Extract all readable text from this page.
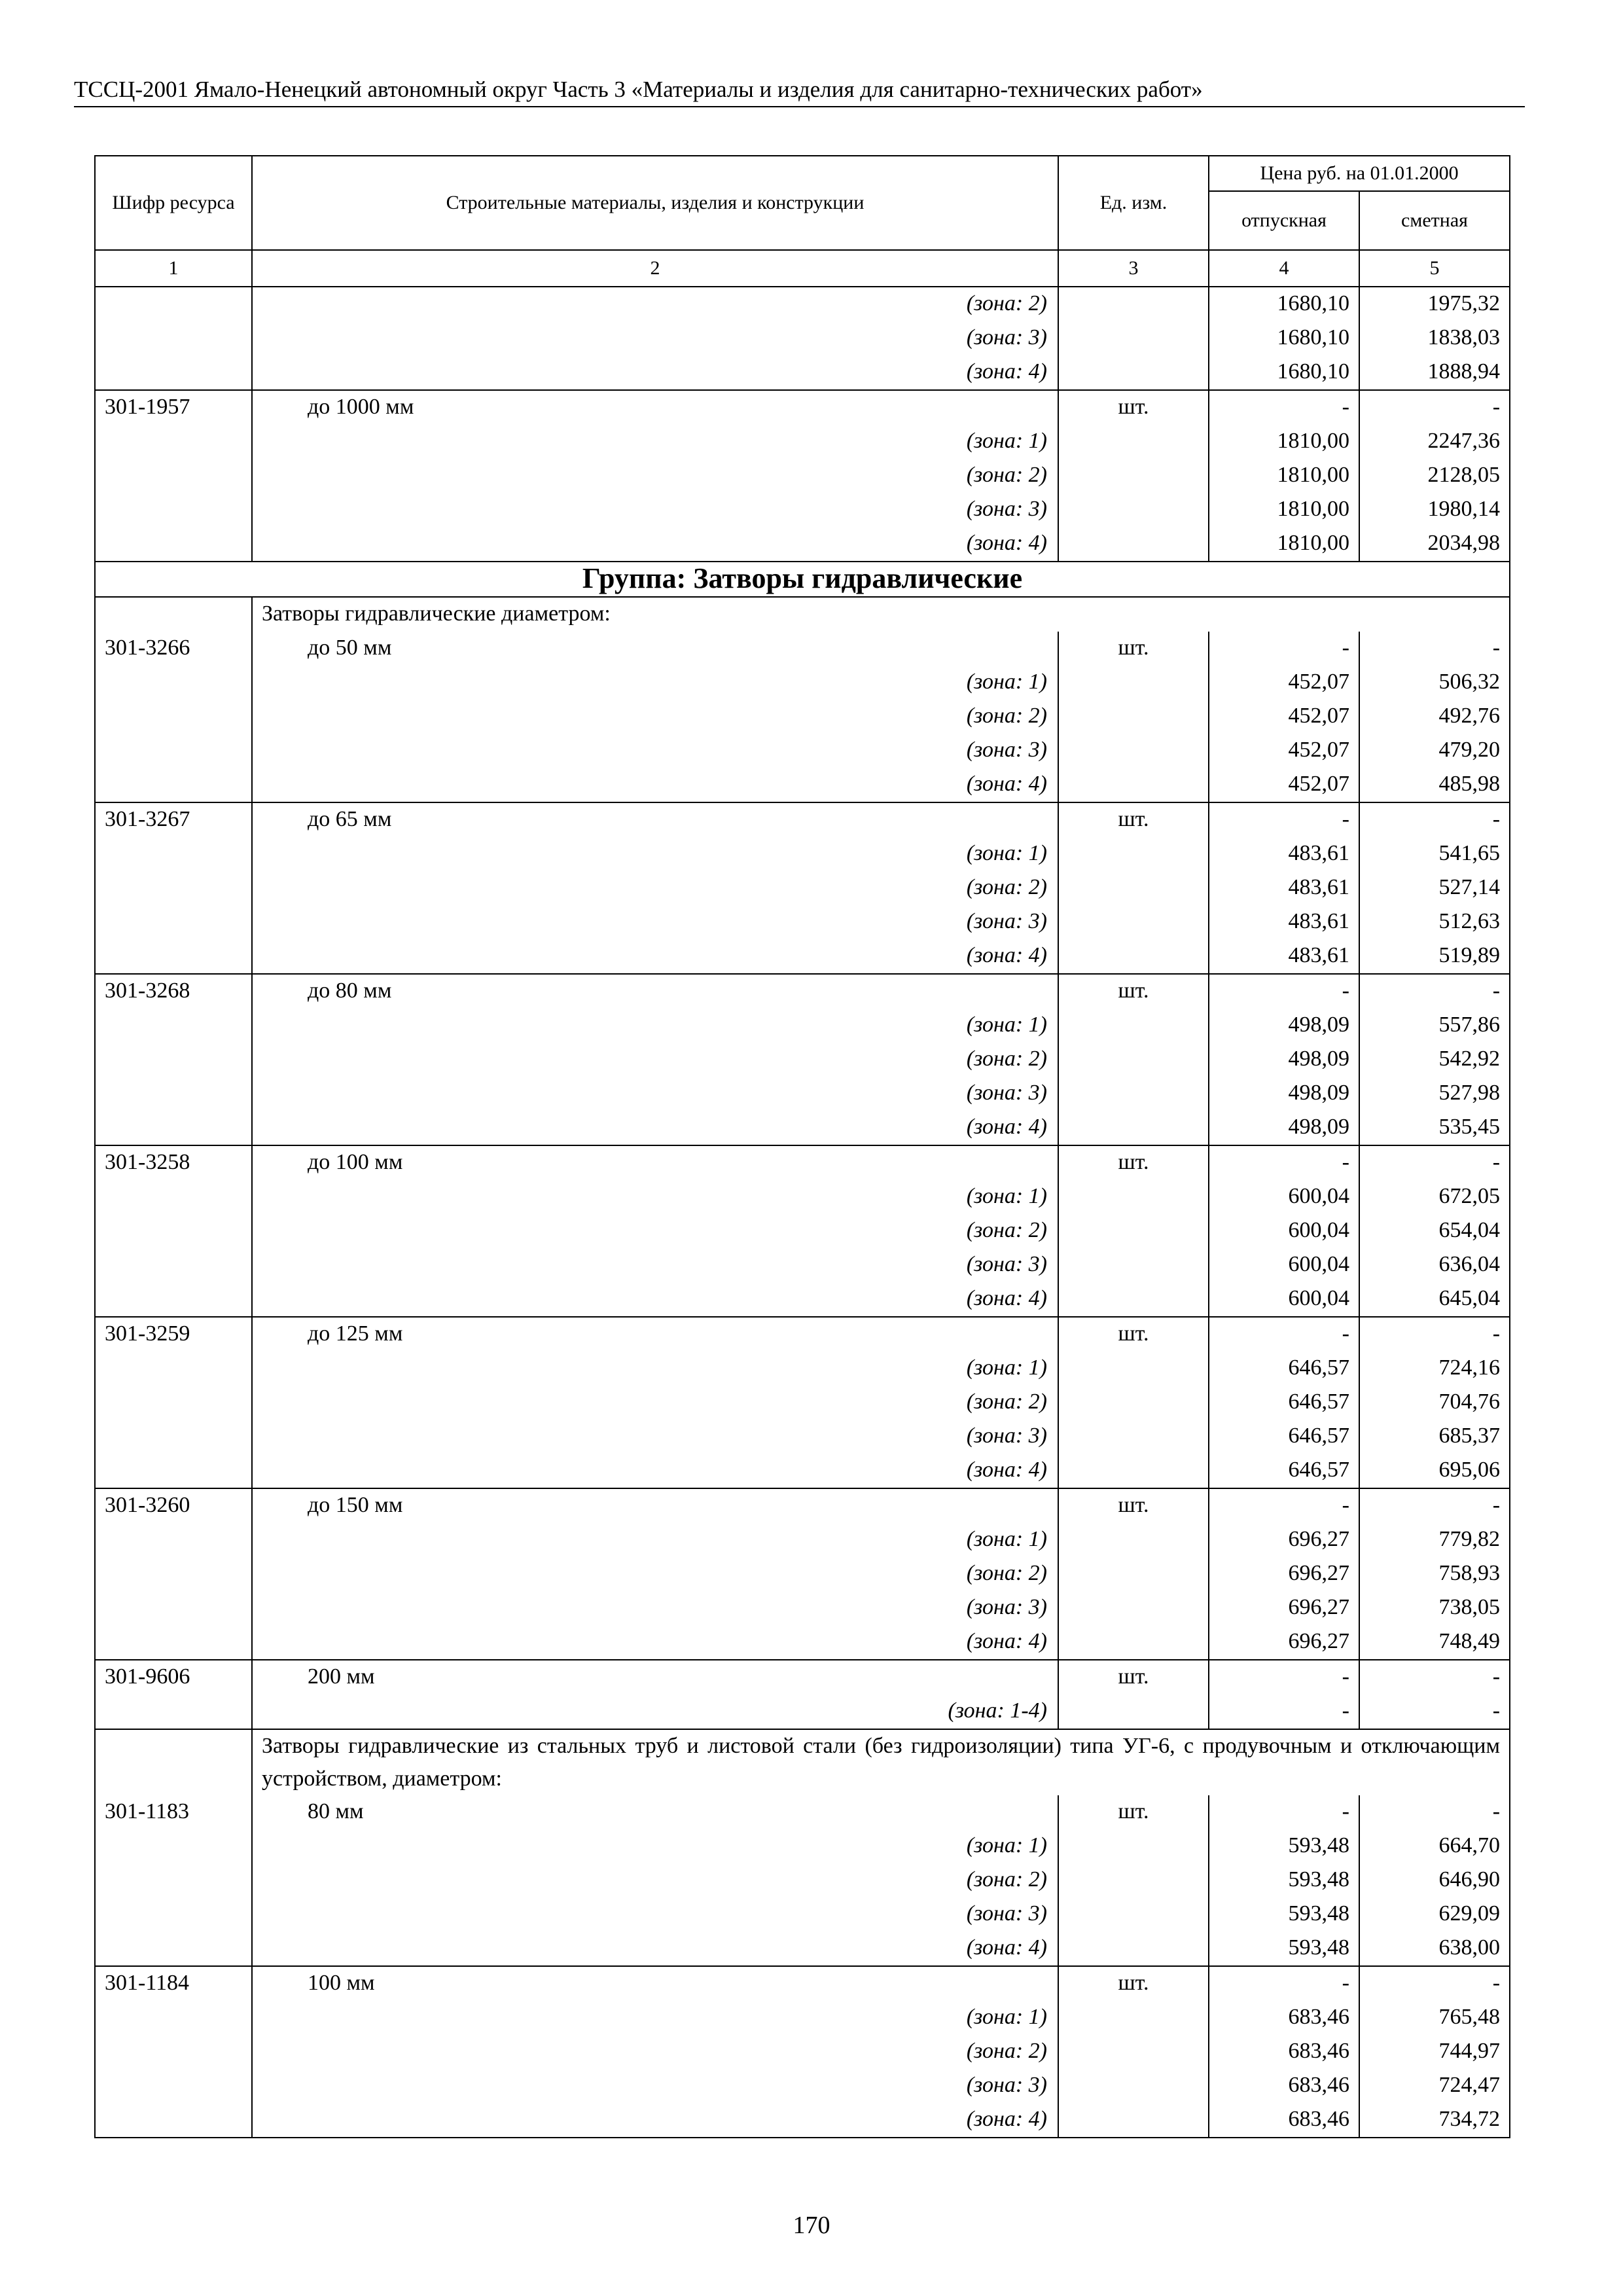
ТССЦ-2001 Ямало-Ненецкий автономный округ Часть 3 «Материалы и изделия для санитарно-технических работ»
Шифр ресурса	Строительные материалы, изделия и конструкции	Ед. изм.	Цена руб. на 01.01.2000	
			отпускная	сметная
1	2	3	4	5
	(зона: 2)		1680,10	1975,32
	(зона: 3)		1680,10	1838,03
	(зона: 4)		1680,10	1888,94
301-1957	до 1000 мм	шт.	-	-
	(зона: 1)		1810,00	2247,36
	(зона: 2)		1810,00	2128,05
	(зона: 3)		1810,00	1980,14
	(зона: 4)		1810,00	2034,98
Группа: Затворы гидравлические				
	Затворы гидравлические диаметром:			
301-3266	до 50 мм	шт.	-	-
	(зона: 1)		452,07	506,32
	(зона: 2)		452,07	492,76
	(зона: 3)		452,07	479,20
	(зона: 4)		452,07	485,98
301-3267	до 65 мм	шт.	-	-
	(зона: 1)		483,61	541,65
	(зона: 2)		483,61	527,14
	(зона: 3)		483,61	512,63
	(зона: 4)		483,61	519,89
301-3268	до 80 мм	шт.	-	-
	(зона: 1)		498,09	557,86
	(зона: 2)		498,09	542,92
	(зона: 3)		498,09	527,98
	(зона: 4)		498,09	535,45
301-3258	до 100 мм	шт.	-	-
	(зона: 1)		600,04	672,05
	(зона: 2)		600,04	654,04
	(зона: 3)		600,04	636,04
	(зона: 4)		600,04	645,04
301-3259	до 125 мм	шт.	-	-
	(зона: 1)		646,57	724,16
	(зона: 2)		646,57	704,76
	(зона: 3)		646,57	685,37
	(зона: 4)		646,57	695,06
301-3260	до 150 мм	шт.	-	-
	(зона: 1)		696,27	779,82
	(зона: 2)		696,27	758,93
	(зона: 3)		696,27	738,05
	(зона: 4)		696,27	748,49
301-9606	200 мм	шт.	-	-
	(зона: 1-4)		-	-
	Затворы гидравлические из стальных труб и листовой стали (без гидроизоляции) типа УГ-6, с продувочным и отключающим устройством, диаметром:			
301-1183	80 мм	шт.	-	-
	(зона: 1)		593,48	664,70
	(зона: 2)		593,48	646,90
	(зона: 3)		593,48	629,09
	(зона: 4)		593,48	638,00
301-1184	100 мм	шт.	-	-
	(зона: 1)		683,46	765,48
	(зона: 2)		683,46	744,97
	(зона: 3)		683,46	724,47
	(зона: 4)		683,46	734,72
170
